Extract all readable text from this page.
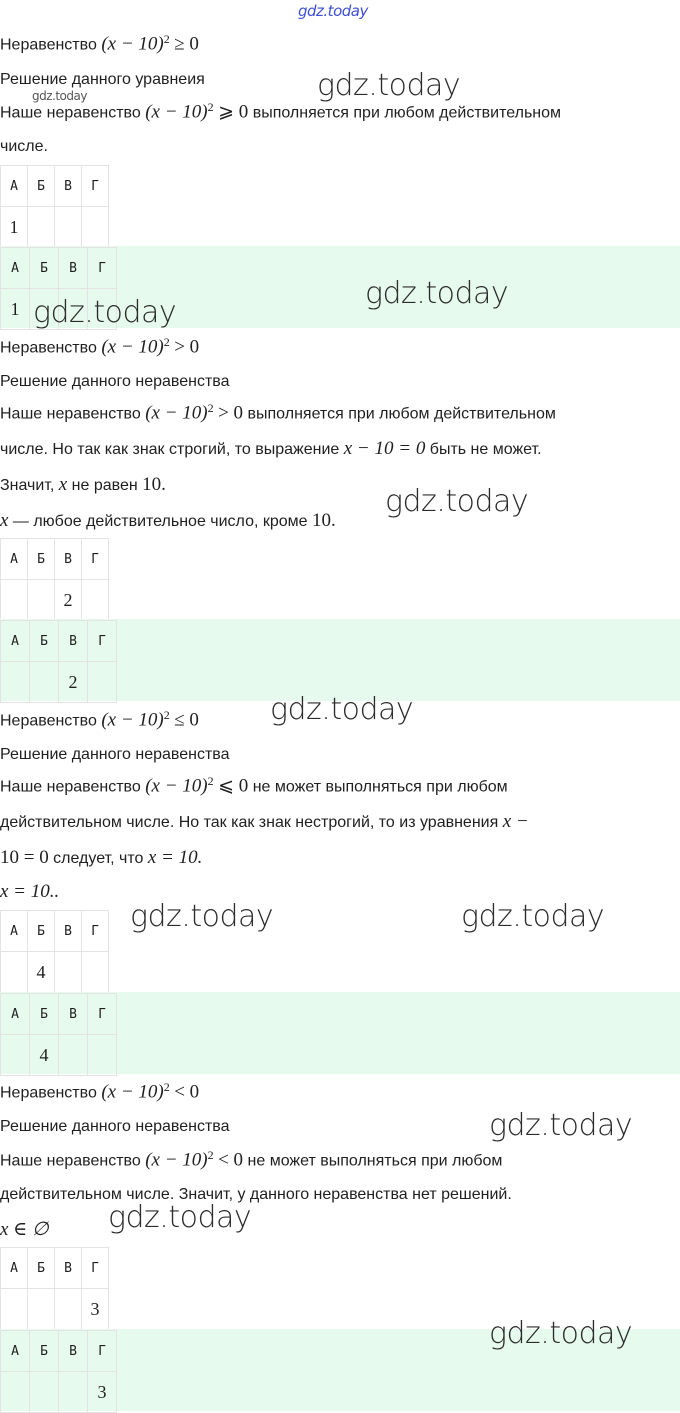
gdz.today
gdz.today
gdz.today
Неравенство $(x - 10)^2 \ge 0$
Решение данного уравнеия
Наше неравенство $(x - 10)^2$ ⩾ 0 выполняется при любом действительном
числе.
А	Б	В	Г
1			
А	Б	В	Г
1			gdz.today
gdz.today
Неравенство $(x - 10)^2 > 0$
Решение данного неравенства
Наше неравенство $(x - 10)^2 > 0$ выполняется при любом действительном
числе. Но так как знак строгий, то выражение x − 10 = 0 быть не может.
Значит, x не равен 10.
x — любое действительное число, кроме 10.
gdz.today
А	Б	В	Г
		2	
А	Б	В	Г
		2	
Неравенство $(x - 10)^2 \le 0$ gdz.today
Решение данного неравенства
Наше неравенство $(x - 10)^2$ ⩽ 0 не может выполняться при любом
действительном числе. Но так как знак нестрогий, то из уравнения x −
10 = 0 следует, что x = 10.
x = 10..
gdz.today	gdz.today
А	Б	В	Г
	4		
А	Б	В	Г
	4		
Неравенство $(x - 10)^2 < 0$
Решение данного неравенства	gdz.today
Наше неравенство $(x - 10)^2 < 0$ не может выполняться при любом
действительном числе. Значит, у данного неравенства нет решений.
x ∈ ∅ gdz.today
А	Б	В	Г
			3
А	Б	В	Г
			3
gdz.today
